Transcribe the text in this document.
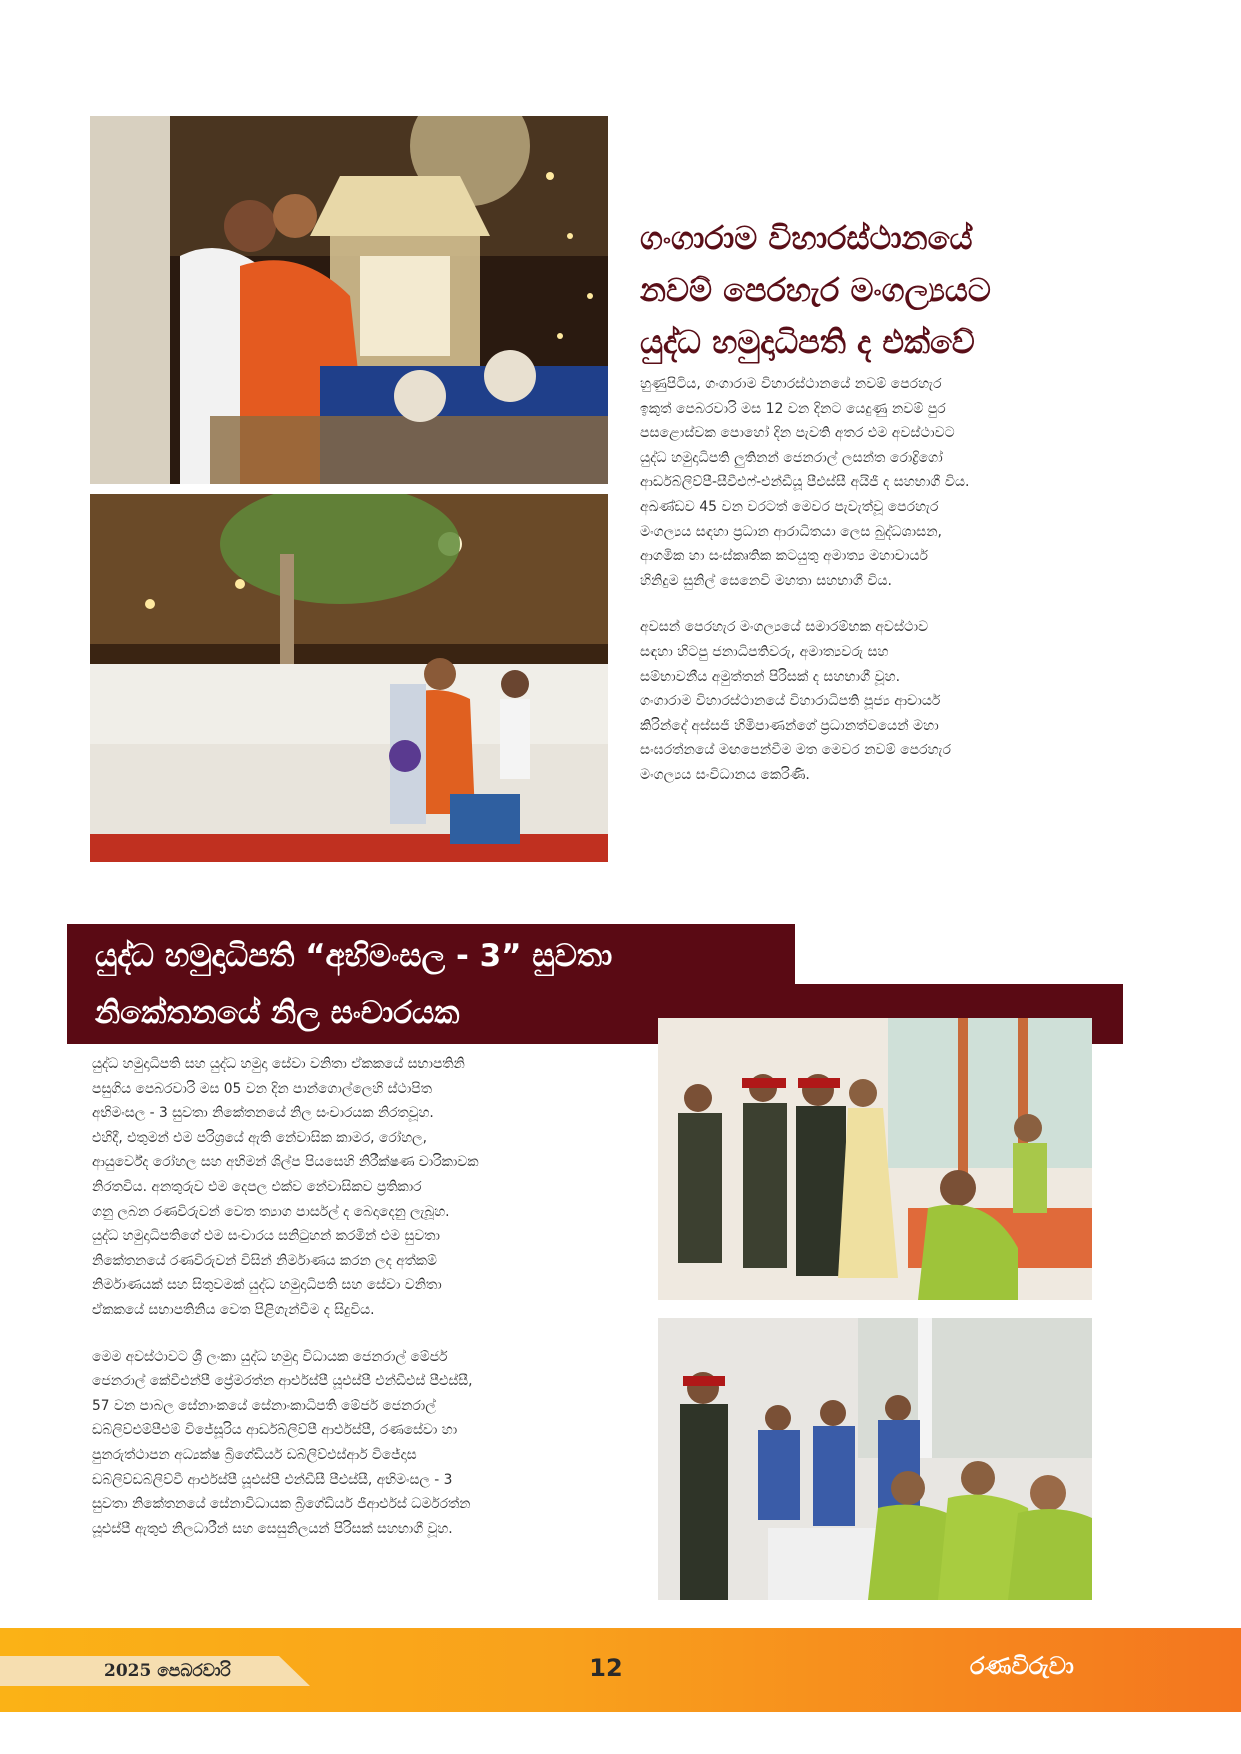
ගංගාරාම විහාරස්ථානයේ
නවම් පෙරහැර මංගල්‍යයට
යුද්ධ හමුදාධිපති ද එක්වේ

හුණුපිටිය, ගංගාරාම විහාරස්ථානයේ නවම් පෙරහැර
ඉකුත් පෙබරවාරි මස 12 වන දිනට යෙදුණු නවම් පුර
පසළොස්වක පොහෝ දින පැවති අතර එම අවස්ථාවට
යුද්ධ හමුදාධිපති ලුතිනන් ජෙනරාල් ලසන්ත රොද්‍රිගෝ
ආර්ඩබ්ලිව්පී-සීවීඑෆ්-එන්ඩීයූ පීඑස්සී අයිජී ද සහභාගී විය.
අඛණ්ඩව 45 වන වරටත් මෙවර පැවැත්වූ පෙරහැර
මංගල්‍යය සඳහා ප්‍රධාන ආරාධිතයා ලෙස බුද්ධශාසන,
ආගමික හා සංස්කෘතික කටයුතු අමාත්‍ය මහාචාර්ය
හිනිදුම සුනිල් සෙනෙවි මහතා සහභාගී විය.

අවසන් පෙරහැර මංගල්‍යයේ සමාරම්භක අවස්ථාව
සඳහා හිටපු ජනාධිපතිවරු, අමාත්‍යවරු සහ
සම්භාවනීය අමුත්තන් පිරිසක් ද සහභාගී වූහ.
ගංගාරාම විහාරස්ථානයේ විහාරාධිපති පූජ්‍ය ආචාර්ය
කිරින්දේ අස්සජි හිමිපාණන්ගේ ප්‍රධානත්වයෙන් මහා
සංඝරත්නයේ මඟපෙන්වීම මත මෙවර නවම් පෙරහැර
මංගල්‍යය සංවිධානය කෙරිණි.

යුද්ධ හමුදාධිපති “අභිමංසල - 3” සුවතා
නිකේතනයේ නිල සංචාරයක

යුද්ධ හමුදාධිපති සහ යුද්ධ හමුදා සේවා වනිතා ඒකකයේ සභාපතිනි
පසුගිය පෙබරවාරි මස 05 වන දින පාන්ගොල්ලෙහි ස්ථාපිත
අභිමංසල - 3 සුවතා නිකේතනයේ නිල සංචාරයක නිරතවූහ.
එහිදී, එතුමන් එම පරිශ්‍රයේ ඇති නේවාසික කාමර, රෝහල,
ආයුර්වේද රෝහල සහ අභිමන් ශිල්ප පියසෙහි නිරීක්ෂණ චාරිකාවක
නිරතවිය. අනතුරුව එම දෙපල එක්ව නේවාසිකව ප්‍රතිකාර
ගනු ලබන රණවිරුවන් වෙත ත්‍යාග පාර්සල් ද බෙදාදෙනු ලැබූහ.
යුද්ධ හමුදාධිපතිගේ එම සංචාරය සනිටුහන් කරමින් එම සුවතා
නිකේතනයේ රණවිරුවන් විසින් නිර්මාණය කරන ලද අත්කම්
නිර්මාණයක් සහ සිතුවමක් යුද්ධ හමුදාධිපති සහ සේවා වනිතා
ඒකකයේ සභාපතිනිය වෙත පිළිගැන්වීම ද සිදුවිය.

මෙම අවස්ථාවට ශ්‍රී ලංකා යුද්ධ හමුදා විධායක ජෙනරාල් මේජර්
ජෙනරාල් කේවීඑන්පී ප්‍රේමරත්න ආර්එස්පී යූඑස්පී එන්ඩීඑස් පීඑස්සී,
57 වන පාබල සේනාංකයේ සේනාංකාධිපති මේජර් ජෙනරාල්
ඩබ්ලිව්එම්පීඑම් විජේසූරිය ආර්ඩබ්ලිව්පී ආර්එස්පී, රණසේවා හා
පුනරුත්ථාපන අධ්‍යක්ෂ බ්‍රිගේඩියර් ඩබ්ලිව්එස්ආර් විජේදාස
ඩබ්ලිව්ඩබ්ලිව්වී ආර්එස්පී යූඑස්පී එන්ඩීසී පීඑස්සී, අභිමංසල - 3
සුවතා නිකේතනයේ සේනාවිධායක බ්‍රිගේඩියර් ජීආර්එස් ධර්මරත්න
යූඑස්පී ඇතුළු නිලධාරීන් සහ සෙසුනිලයන් පිරිසක් සහභාගී වූහ.

2025 පෙබරවාරි	12	රණවිරුවා
